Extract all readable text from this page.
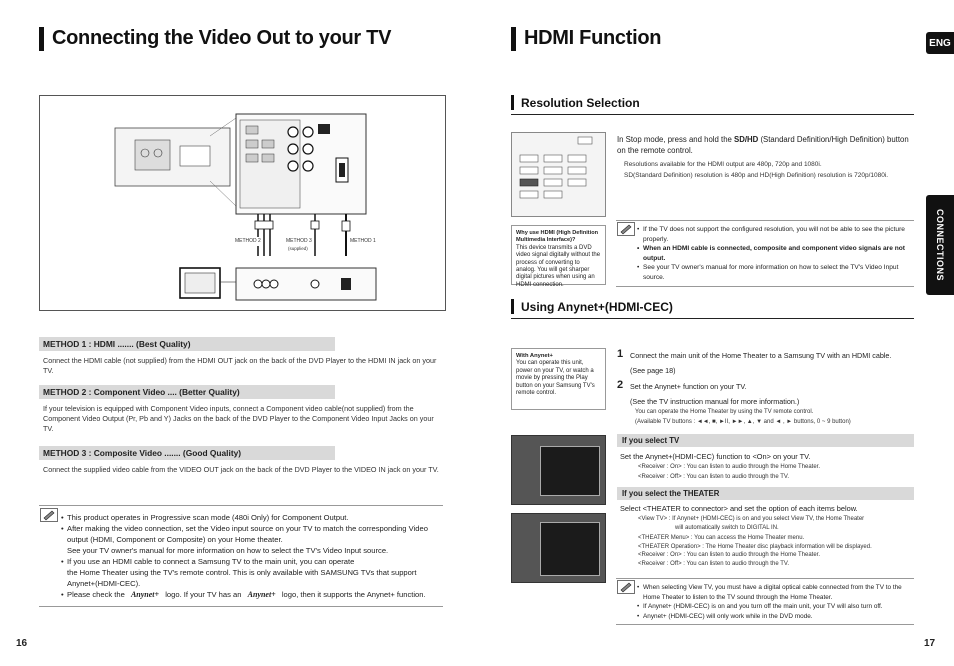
Connecting the Video Out to your TV
METHOD 2	METHOD 3
(supplied)
METHOD 1
METHOD 1 : HDMI ....... (Best Quality)
Connect the HDMI cable (not supplied) from the HDMI OUT jack on the back of the DVD Player to the HDMI IN jack on your TV.
METHOD 2 : Component Video .... (Better Quality)
If your television is equipped with Component Video inputs, connect a Component video cable(not supplied) from the Component Video Output (Pr, Pb and Y) Jacks on the back of the DVD Player to the Component Video Input Jacks on your TV.
METHOD 3 : Composite Video ....... (Good Quality)
Connect the supplied video cable from the VIDEO OUT jack on the back of the DVD Player to the VIDEO IN jack on your TV.
• This product operates in Progressive scan mode (480i Only) for Component Output.
• After making the video connection, set the Video input source on your TV to match the corresponding Video output (HDMI, Component or Composite) on your Home theater.
See your TV owner's manual for more information on how to select the TV's Video Input source.
• If you use an HDMI cable to connect a Samsung TV to the main unit, you can operate
the Home Theater using the TV's remote control. This is only available with SAMSUNG TVs that support Anynet+(HDMI-CEC).
• Please check the Anynet+ logo. If your TV has an Anynet+ logo, then it supports the Anynet+ function.
16
HDMI Function	ENG
CONNECTIONS
Resolution Selection
In Stop mode, press and hold the SD/HD (Standard Definition/High Definition) button on the remote control.
Resolutions available for the HDMI output are 480p, 720p and 1080i.
SD(Standard Definition) resolution is 480p and HD(High Definition) resolution is 720p/1080i.
Why use HDMI (High Definition Multimedia Interface)?
This device transmits a DVD video signal digitally without the process of converting to analog. You will get sharper digital pictures when using an HDMI connection.
• If the TV does not support the configured resolution, you will not be able to see the picture properly.
• When an HDMI cable is connected, composite and component video signals are not output.
• See your TV owner's manual for more information on how to select the TV's Video Input source.
Using Anynet+(HDMI-CEC)
With Anynet+
You can operate this unit, power on your TV, or watch a movie by pressing the Play button on your Samsung TV's remote control.
1 Connect the main unit of the Home Theater to a Samsung TV with an HDMI cable.
(See page 18)
2 Set the Anynet+ function on your TV.
(See the TV instruction manual for more information.)
You can operate the Home Theater by using the TV remote control.
(Available TV buttons : ◄◄, ■, ►II, ►►, ▲, ▼ and ◄ , ► buttons, 0 ~ 9 button)
If you select TV
Set the Anynet+(HDMI-CEC) function to <On> on your TV.
<Receiver : On> : You can listen to audio through the Home Theater.
<Receiver : Off> : You can listen to audio through the TV.
If you select the THEATER
Select <THEATER to connector> and set the option of each items below.
<View TV> : If Anynet+ (HDMI-CEC) is on and you select View TV, the Home Theater
will automatically switch to DIGITAL IN.
<THEATER Menu> : You can access the Home Theater menu.
<THEATER Operation> : The Home Theater disc playback information will be displayed.
<Receiver : On> : You can listen to audio through the Home Theater.
<Receiver : Off> : You can listen to audio through the TV.
• When selecting View TV, you must have a digital optical cable connected from the TV to the Home Theater to listen to the TV sound through the Home Theater.
• If Anynet+ (HDMI-CEC) is on and you turn off the main unit, your TV will also turn off.
• Anynet+ (HDMI-CEC) will only work while in the DVD mode.
17
